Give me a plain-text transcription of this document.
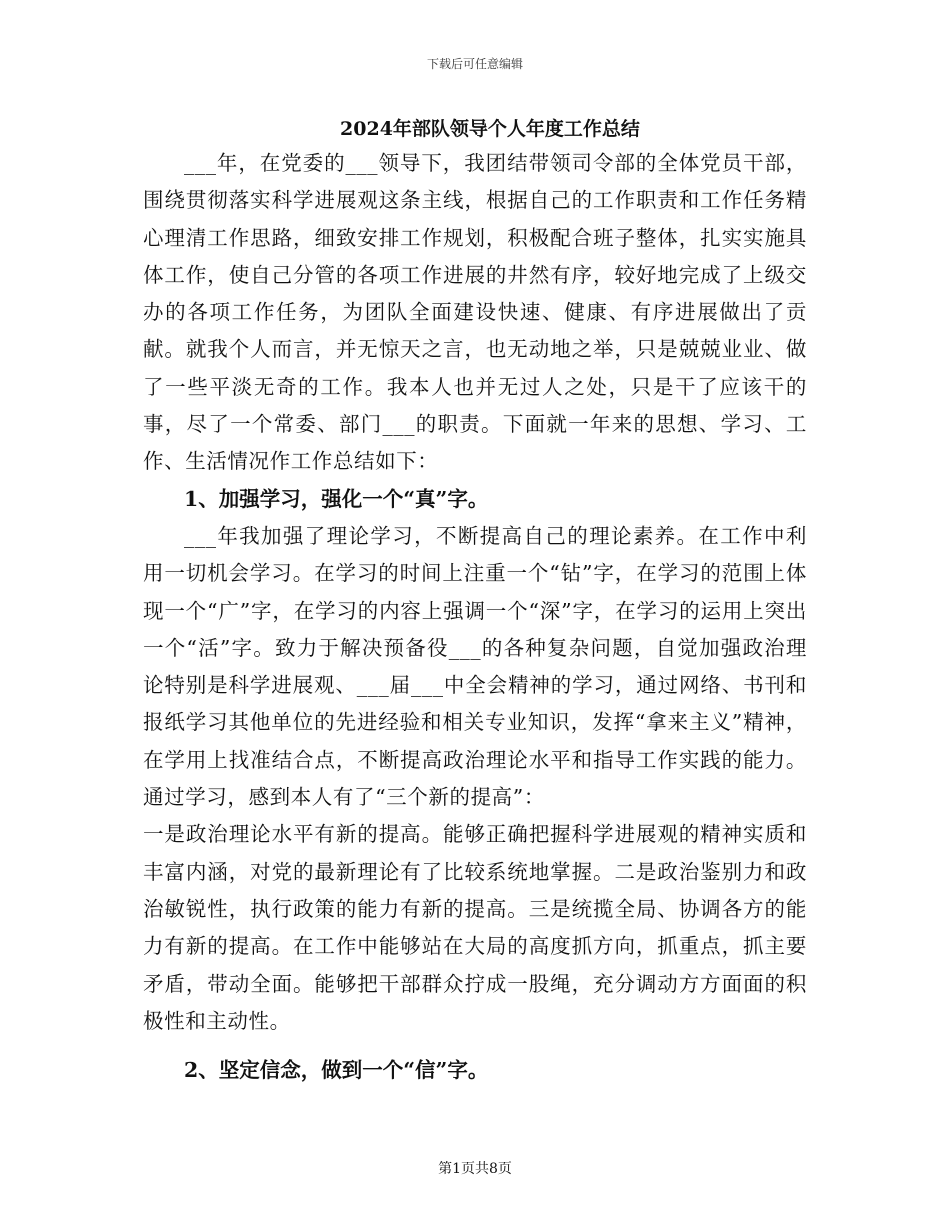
下载后可任意编辑
2024年部队领导个人年度工作总结

___年，在党委的___领导下，我团结带领司令部的全体党员干部，围绕贯彻落实科学进展观这条主线，根据自己的工作职责和工作任务精心理清工作思路，细致安排工作规划，积极配合班子整体，扎实实施具体工作，使自己分管的各项工作进展的井然有序，较好地完成了上级交办的各项工作任务，为团队全面建设快速、健康、有序进展做出了贡献。就我个人而言，并无惊天之言，也无动地之举，只是兢兢业业、做了一些平淡无奇的工作。我本人也并无过人之处，只是干了应该干的事，尽了一个常委、部门___的职责。下面就一年来的思想、学习、工作、生活情况作工作总结如下：

1、加强学习，强化一个“真”字。

___年我加强了理论学习，不断提高自己的理论素养。在工作中利用一切机会学习。在学习的时间上注重一个“钻”字，在学习的范围上体现一个“广”字，在学习的内容上强调一个“深”字，在学习的运用上突出一个“活”字。致力于解决预备役___的各种复杂问题，自觉加强政治理论特别是科学进展观、___届___中全会精神的学习，通过网络、书刊和报纸学习其他单位的先进经验和相关专业知识，发挥“拿来主义”精神，在学用上找准结合点，不断提高政治理论水平和指导工作实践的能力。通过学习，感到本人有了“三个新的提高”：

一是政治理论水平有新的提高。能够正确把握科学进展观的精神实质和丰富内涵，对党的最新理论有了比较系统地掌握。二是政治鉴别力和政治敏锐性，执行政策的能力有新的提高。三是统揽全局、协调各方的能力有新的提高。在工作中能够站在大局的高度抓方向，抓重点，抓主要矛盾，带动全面。能够把干部群众拧成一股绳，充分调动方方面面的积极性和主动性。

2、坚定信念，做到一个“信”字。

第1页共8页
